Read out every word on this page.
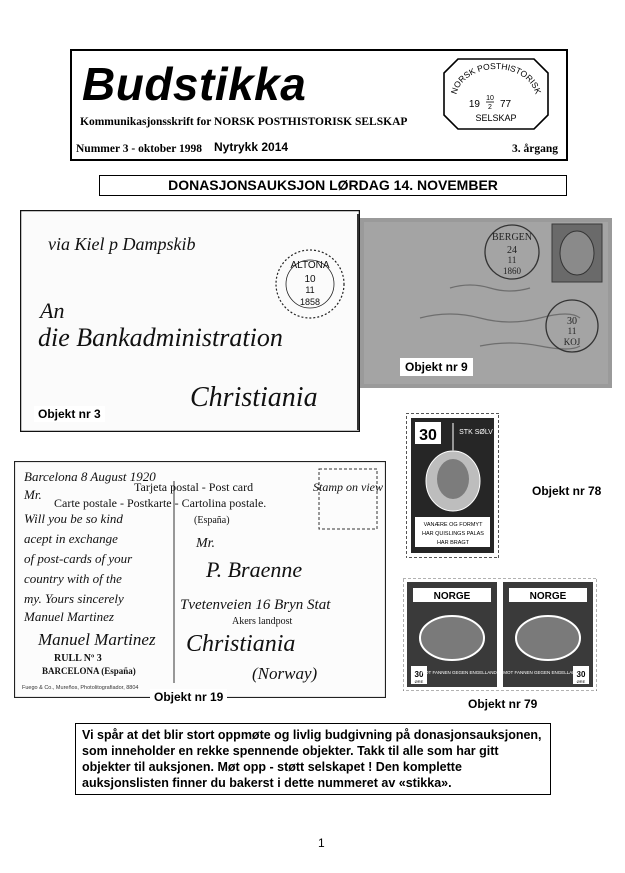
Budstikka
Kommunikasjonsskrift for NORSK POSTHISTORISK SELSKAP
Nummer 3 - oktober 1998 Nytrykk 2014	3. årgang
NORSK POSTHISTORISK
19
10
2 77
SELSKAP
DONASJONSAUKSJON LØRDAG 14. NOVEMBER
via Kiel p Dampskib
An
die Bankadministration
Christiania
ALTONA
10
11
1858
Objekt nr 3
BERGEN
24
11
1860
30
11
KOJ
Objekt nr 9
30	STK SØLV
VANÆRE OG FORMYT
HAR QUISLINGS PALAS
HAR BRAGT
Objekt nr 78
Stamp on view
Tarjeta postal - Post card
Carte postale - Postkarte - Cartolina postale.
(España)
Barcelona 8 August 1920
Mr.
Will you be so kind
acept in exchange
of post-cards of your
country with of the
my. Yours sincerely
Manuel Martinez
Manuel Martinez
RULL Nº 3
BARCELONA (España)
Fuego & Co., Mureños, Photolitografiador, 8804
Mr.
P. Braenne
Tvetenveien 16 Bryn Stat
Akers landpost
Christiania
(Norway)
Objekt nr 19
NORGE
30
ØRE
MOT FANNEN GEGEN ENGELLAND
NORGE
30
ØRE
MOT FANNEN GEGEN ENGELLAND
Objekt nr 79
Vi spår at det blir stort oppmøte og livlig budgivning på donasjonsauksjonen, som inneholder en rekke spennende objekter. Takk til alle som har gitt objekter til auksjonen. Møt opp - støtt selskapet ! Den komplette auksjonslisten finner du bakerst i dette nummeret av «stikka».
1
